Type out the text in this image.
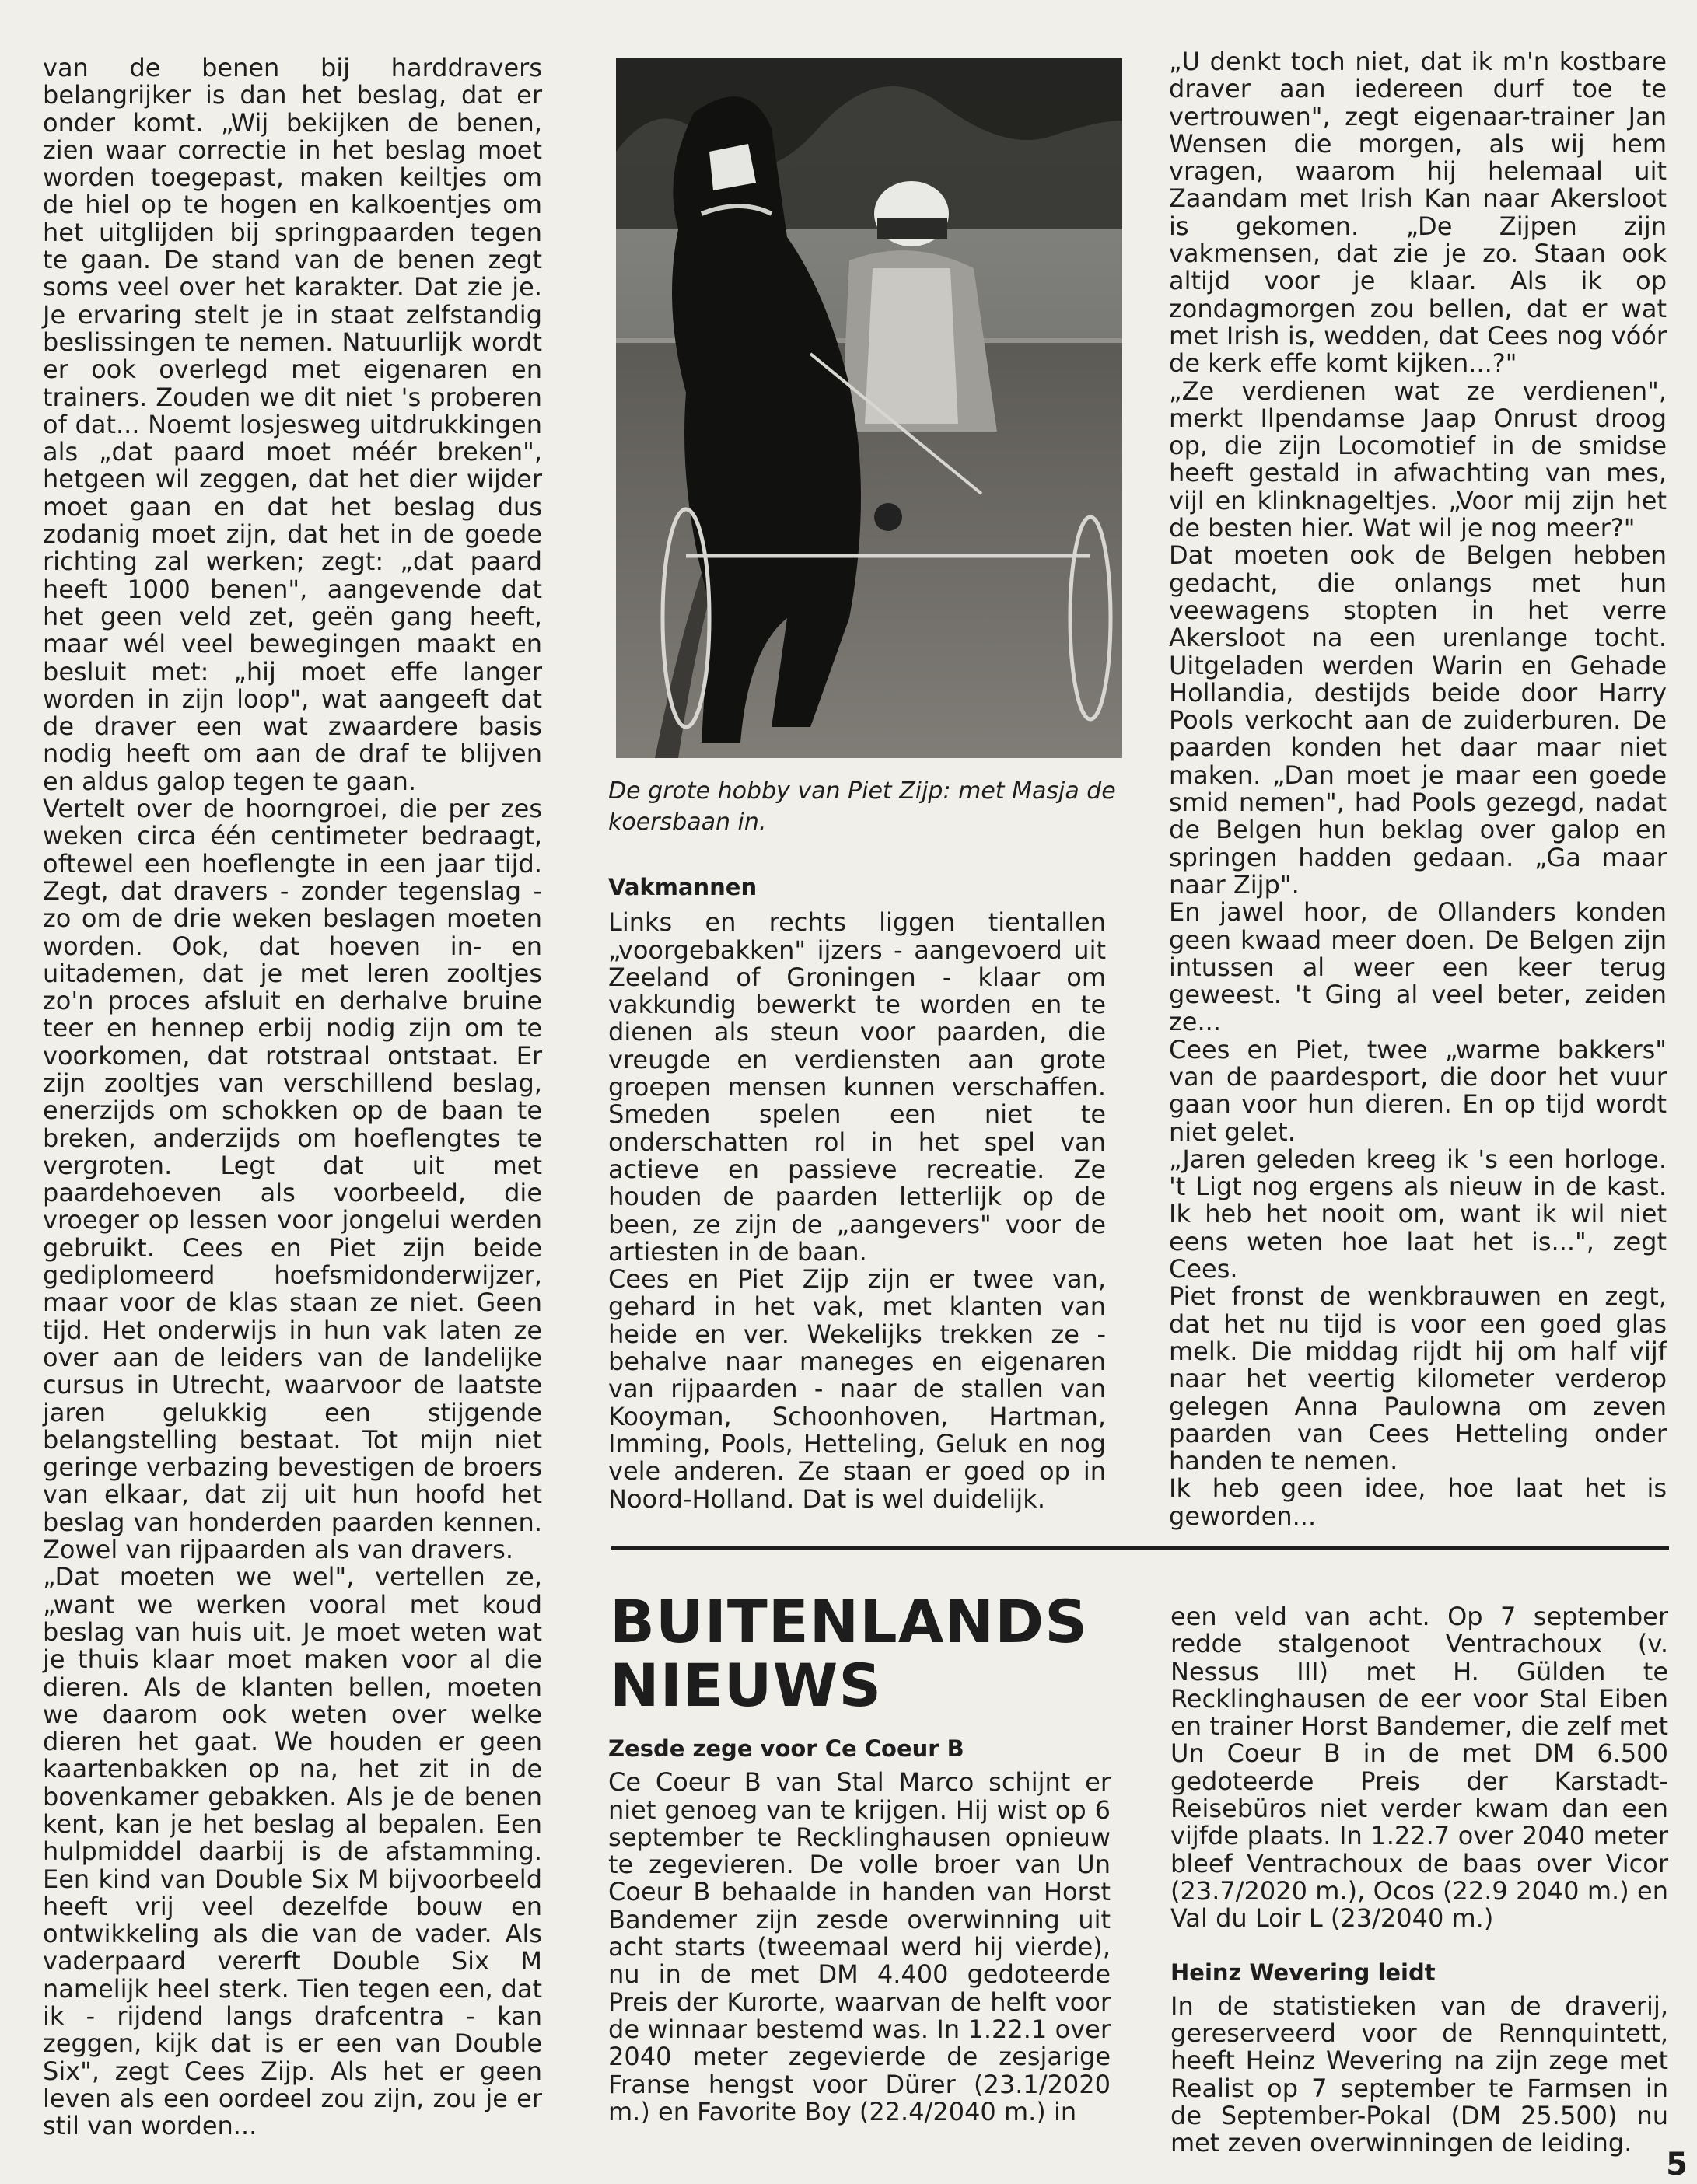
van de benen bij harddravers belangrijker is dan het beslag, dat er onder komt. „Wij bekijken de benen, zien waar correctie in het beslag moet worden toegepast, maken keiltjes om de hiel op te hogen en kalkoentjes om het uitglijden bij springpaarden tegen te gaan. De stand van de benen zegt soms veel over het karakter. Dat zie je. Je ervaring stelt je in staat zelfstandig beslissingen te nemen. Natuurlijk wordt er ook overlegd met eigenaren en trainers. Zouden we dit niet 's proberen of dat... Noemt losjesweg uitdrukkingen als „dat paard moet méér breken", hetgeen wil zeggen, dat het dier wijder moet gaan en dat het beslag dus zodanig moet zijn, dat het in de goede richting zal werken; zegt: „dat paard heeft 1000 benen", aangevende dat het geen veld zet, geën gang heeft, maar wél veel bewegingen maakt en besluit met: „hij moet effe langer worden in zijn loop", wat aangeeft dat de draver een wat zwaardere basis nodig heeft om aan de draf te blijven en aldus galop tegen te gaan.

Vertelt over de hoorngroei, die per zes weken circa één centimeter bedraagt, oftewel een hoeflengte in een jaar tijd. Zegt, dat dravers - zonder tegenslag - zo om de drie weken beslagen moeten worden. Ook, dat hoeven in- en uitademen, dat je met leren zooltjes zo'n proces afsluit en derhalve bruine teer en hennep erbij nodig zijn om te voorkomen, dat rotstraal ontstaat. Er zijn zooltjes van verschillend beslag, enerzijds om schokken op de baan te breken, anderzijds om hoeflengtes te vergroten. Legt dat uit met paardehoeven als voorbeeld, die vroeger op lessen voor jongelui werden gebruikt. Cees en Piet zijn beide gediplomeerd hoefsmidonderwijzer, maar voor de klas staan ze niet. Geen tijd. Het onderwijs in hun vak laten ze over aan de leiders van de landelijke cursus in Utrecht, waarvoor de laatste jaren gelukkig een stijgende belangstelling bestaat. Tot mijn niet geringe verbazing bevestigen de broers van elkaar, dat zij uit hun hoofd het beslag van honderden paarden kennen. Zowel van rijpaarden als van dravers.

„Dat moeten we wel", vertellen ze, „want we werken vooral met koud beslag van huis uit. Je moet weten wat je thuis klaar moet maken voor al die dieren. Als de klanten bellen, moeten we daarom ook weten over welke dieren het gaat. We houden er geen kaartenbakken op na, het zit in de bovenkamer gebakken. Als je de benen kent, kan je het beslag al bepalen. Een hulpmiddel daarbij is de afstamming. Een kind van Double Six M bijvoorbeeld heeft vrij veel dezelfde bouw en ontwikkeling als die van de vader. Als vaderpaard vererft Double Six M namelijk heel sterk. Tien tegen een, dat ik - rijdend langs drafcentra - kan zeggen, kijk dat is er een van Double Six", zegt Cees Zijp. Als het er geen leven als een oordeel zou zijn, zou je er stil van worden...

De grote hobby van Piet Zijp: met Masja de koersbaan in.

Vakmannen

Links en rechts liggen tientallen „voorgebakken" ijzers - aangevoerd uit Zeeland of Groningen - klaar om vakkundig bewerkt te worden en te dienen als steun voor paarden, die vreugde en verdiensten aan grote groepen mensen kunnen verschaffen. Smeden spelen een niet te onderschatten rol in het spel van actieve en passieve recreatie. Ze houden de paarden letterlijk op de been, ze zijn de „aangevers" voor de artiesten in de baan.

Cees en Piet Zijp zijn er twee van, gehard in het vak, met klanten van heide en ver. Wekelijks trekken ze - behalve naar maneges en eigenaren van rijpaarden - naar de stallen van Kooyman, Schoonhoven, Hartman, Imming, Pools, Hetteling, Geluk en nog vele anderen. Ze staan er goed op in Noord-Holland. Dat is wel duidelijk.

„U denkt toch niet, dat ik m'n kostbare draver aan iedereen durf toe te vertrouwen", zegt eigenaar-trainer Jan Wensen die morgen, als wij hem vragen, waarom hij helemaal uit Zaandam met Irish Kan naar Akersloot is gekomen. „De Zijpen zijn vakmensen, dat zie je zo. Staan ook altijd voor je klaar. Als ik op zondagmorgen zou bellen, dat er wat met Irish is, wedden, dat Cees nog vóór de kerk effe komt kijken...?"

„Ze verdienen wat ze verdienen", merkt Ilpendamse Jaap Onrust droog op, die zijn Locomotief in de smidse heeft gestald in afwachting van mes, vijl en klinknageltjes. „Voor mij zijn het de besten hier. Wat wil je nog meer?"

Dat moeten ook de Belgen hebben gedacht, die onlangs met hun veewagens stopten in het verre Akersloot na een urenlange tocht. Uitgeladen werden Warin en Gehade Hollandia, destijds beide door Harry Pools verkocht aan de zuiderburen. De paarden konden het daar maar niet maken. „Dan moet je maar een goede smid nemen", had Pools gezegd, nadat de Belgen hun beklag over galop en springen hadden gedaan. „Ga maar naar Zijp".

En jawel hoor, de Ollanders konden geen kwaad meer doen. De Belgen zijn intussen al weer een keer terug geweest. 't Ging al veel beter, zeiden ze...

Cees en Piet, twee „warme bakkers" van de paardesport, die door het vuur gaan voor hun dieren. En op tijd wordt niet gelet.

„Jaren geleden kreeg ik 's een horloge. 't Ligt nog ergens als nieuw in de kast. Ik heb het nooit om, want ik wil niet eens weten hoe laat het is...", zegt Cees.

Piet fronst de wenkbrauwen en zegt, dat het nu tijd is voor een goed glas melk. Die middag rijdt hij om half vijf naar het veertig kilometer verderop gelegen Anna Paulowna om zeven paarden van Cees Hetteling onder handen te nemen.

Ik heb geen idee, hoe laat het is geworden...

BUITENLANDS
NIEUWS

Zesde zege voor Ce Coeur B

Ce Coeur B van Stal Marco schijnt er niet genoeg van te krijgen. Hij wist op 6 september te Recklinghausen opnieuw te zegevieren. De volle broer van Un Coeur B behaalde in handen van Horst Bandemer zijn zesde overwinning uit acht starts (tweemaal werd hij vierde), nu in de met DM 4.400 gedoteerde Preis der Kurorte, waarvan de helft voor de winnaar bestemd was. In 1.22.1 over 2040 meter zegevierde de zesjarige Franse hengst voor Dürer (23.1/2020 m.) en Favorite Boy (22.4/2040 m.) in

een veld van acht. Op 7 september redde stalgenoot Ventrachoux (v. Nessus III) met H. Gülden te Recklinghausen de eer voor Stal Eiben en trainer Horst Bandemer, die zelf met Un Coeur B in de met DM 6.500 gedoteerde Preis der Karstadt-Reisebüros niet verder kwam dan een vijfde plaats. In 1.22.7 over 2040 meter bleef Ventrachoux de baas over Vicor (23.7/2020 m.), Ocos (22.9 2040 m.) en Val du Loir L (23/2040 m.)

Heinz Wevering leidt

In de statistieken van de draverij, gereserveerd voor de Rennquintett, heeft Heinz Wevering na zijn zege met Realist op 7 september te Farmsen in de September-Pokal (DM 25.500) nu met zeven overwinningen de leiding.

5
